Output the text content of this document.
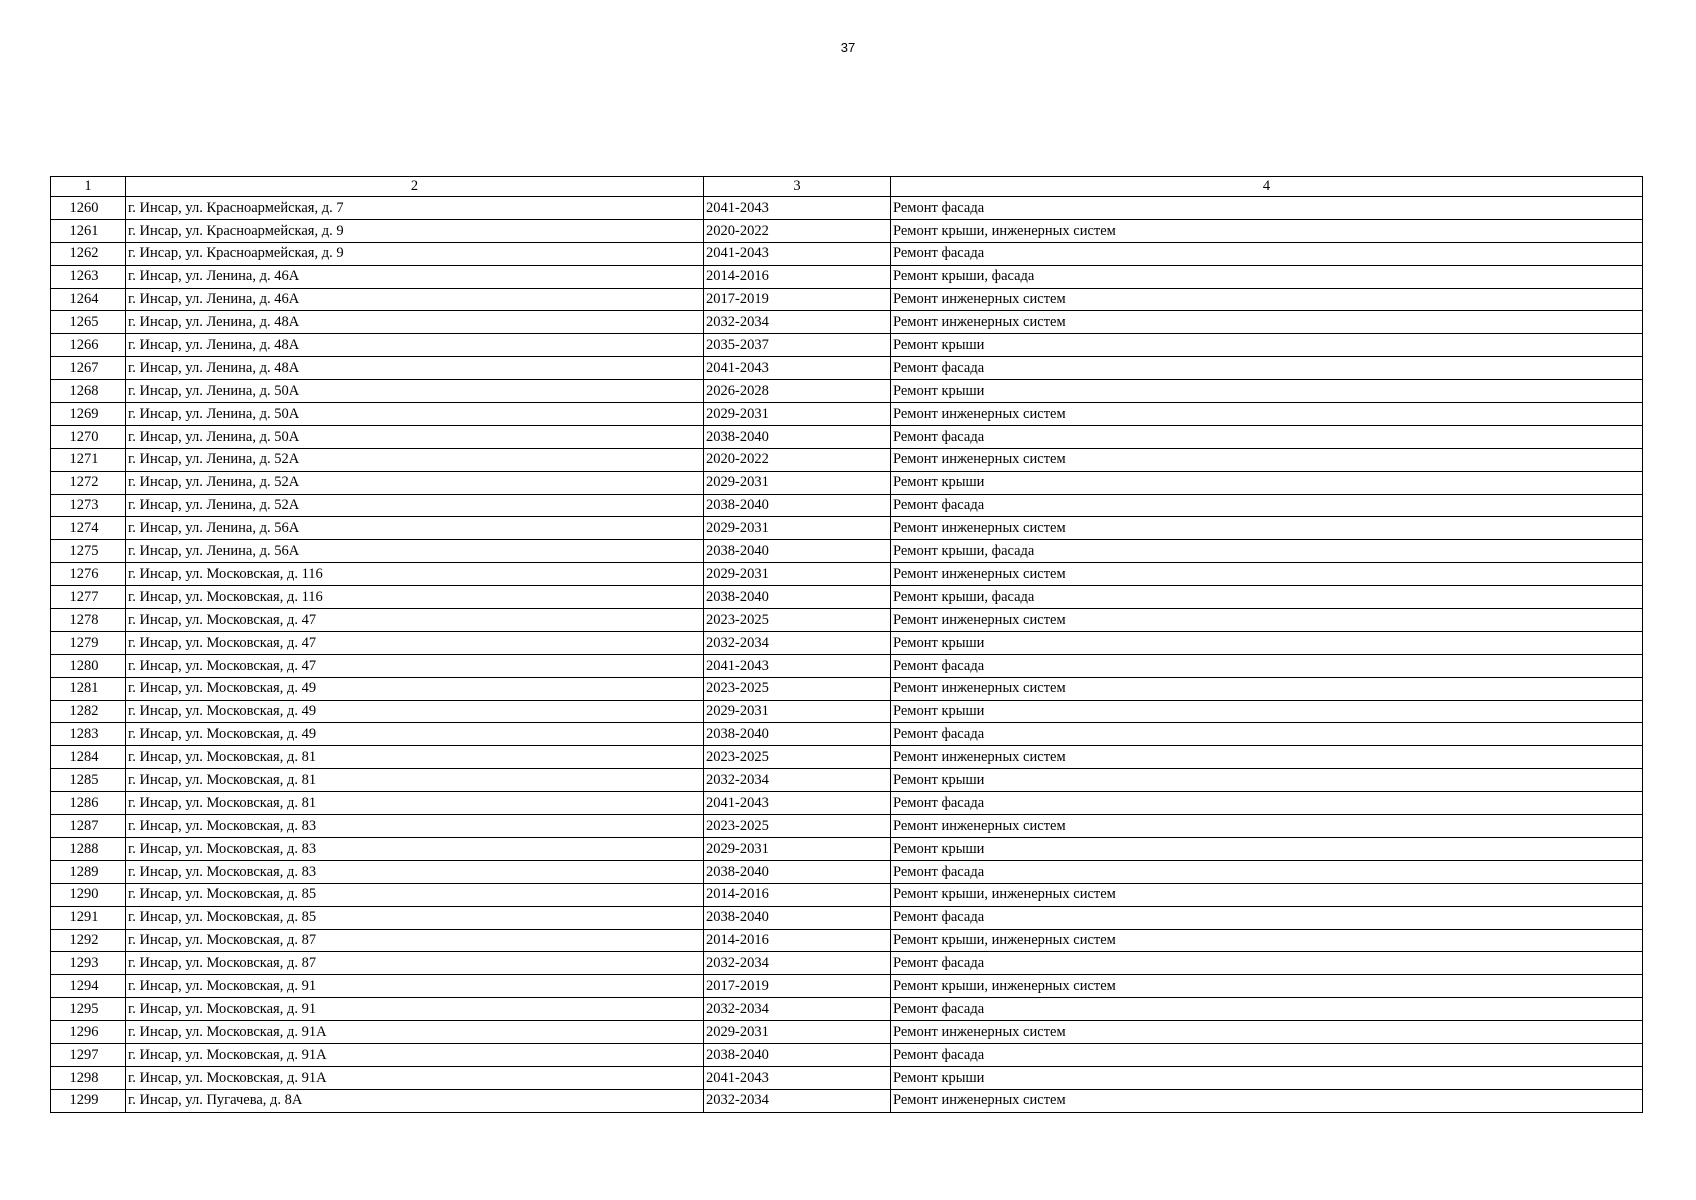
37
1	2	3	4
1260	г. Инсар, ул. Красноармейская, д. 7	2041-2043	Ремонт фасада
1261	г. Инсар, ул. Красноармейская, д. 9	2020-2022	Ремонт крыши, инженерных систем
1262	г. Инсар, ул. Красноармейская, д. 9	2041-2043	Ремонт фасада
1263	г. Инсар, ул. Ленина, д. 46А	2014-2016	Ремонт крыши, фасада
1264	г. Инсар, ул. Ленина, д. 46А	2017-2019	Ремонт инженерных систем
1265	г. Инсар, ул. Ленина, д. 48А	2032-2034	Ремонт инженерных систем
1266	г. Инсар, ул. Ленина, д. 48А	2035-2037	Ремонт крыши
1267	г. Инсар, ул. Ленина, д. 48А	2041-2043	Ремонт фасада
1268	г. Инсар, ул. Ленина, д. 50А	2026-2028	Ремонт крыши
1269	г. Инсар, ул. Ленина, д. 50А	2029-2031	Ремонт инженерных систем
1270	г. Инсар, ул. Ленина, д. 50А	2038-2040	Ремонт фасада
1271	г. Инсар, ул. Ленина, д. 52А	2020-2022	Ремонт инженерных систем
1272	г. Инсар, ул. Ленина, д. 52А	2029-2031	Ремонт крыши
1273	г. Инсар, ул. Ленина, д. 52А	2038-2040	Ремонт фасада
1274	г. Инсар, ул. Ленина, д. 56А	2029-2031	Ремонт инженерных систем
1275	г. Инсар, ул. Ленина, д. 56А	2038-2040	Ремонт крыши, фасада
1276	г. Инсар, ул. Московская, д. 116	2029-2031	Ремонт инженерных систем
1277	г. Инсар, ул. Московская, д. 116	2038-2040	Ремонт крыши, фасада
1278	г. Инсар, ул. Московская, д. 47	2023-2025	Ремонт инженерных систем
1279	г. Инсар, ул. Московская, д. 47	2032-2034	Ремонт крыши
1280	г. Инсар, ул. Московская, д. 47	2041-2043	Ремонт фасада
1281	г. Инсар, ул. Московская, д. 49	2023-2025	Ремонт инженерных систем
1282	г. Инсар, ул. Московская, д. 49	2029-2031	Ремонт крыши
1283	г. Инсар, ул. Московская, д. 49	2038-2040	Ремонт фасада
1284	г. Инсар, ул. Московская, д. 81	2023-2025	Ремонт инженерных систем
1285	г. Инсар, ул. Московская, д. 81	2032-2034	Ремонт крыши
1286	г. Инсар, ул. Московская, д. 81	2041-2043	Ремонт фасада
1287	г. Инсар, ул. Московская, д. 83	2023-2025	Ремонт инженерных систем
1288	г. Инсар, ул. Московская, д. 83	2029-2031	Ремонт крыши
1289	г. Инсар, ул. Московская, д. 83	2038-2040	Ремонт фасада
1290	г. Инсар, ул. Московская, д. 85	2014-2016	Ремонт крыши, инженерных систем
1291	г. Инсар, ул. Московская, д. 85	2038-2040	Ремонт фасада
1292	г. Инсар, ул. Московская, д. 87	2014-2016	Ремонт крыши, инженерных систем
1293	г. Инсар, ул. Московская, д. 87	2032-2034	Ремонт фасада
1294	г. Инсар, ул. Московская, д. 91	2017-2019	Ремонт крыши, инженерных систем
1295	г. Инсар, ул. Московская, д. 91	2032-2034	Ремонт фасада
1296	г. Инсар, ул. Московская, д. 91А	2029-2031	Ремонт инженерных систем
1297	г. Инсар, ул. Московская, д. 91А	2038-2040	Ремонт фасада
1298	г. Инсар, ул. Московская, д. 91А	2041-2043	Ремонт крыши
1299	г. Инсар, ул. Пугачева, д. 8А	2032-2034	Ремонт инженерных систем
